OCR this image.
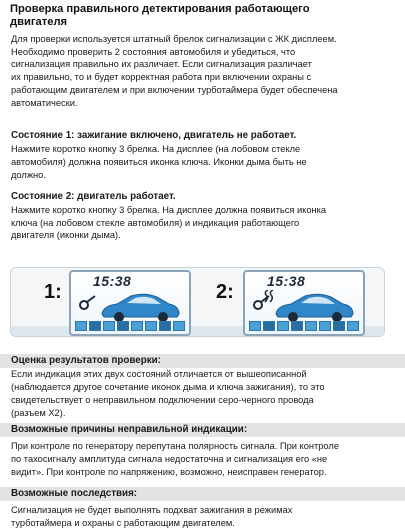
Проверка правильного детектирования работающего
двигателя
Для проверки используется штатный брелок сигнализации с ЖК дисплеем.
Необходимо проверить 2 состояния автомобиля и убедиться, что
сигнализация правильно их различает. Если сигнализация различает
их правильно, то и будет корректная работа при включении охраны с
работающим двигателем и при включении турботаймера будет обеспечена
автоматически.
Состояние 1: зажигание включено, двигатель не работает.
Нажмите коротко кнопку 3 брелка. На дисплее (на лобовом стекле
автомобиля) должна появиться иконка ключа. Иконки дыма быть не
должно.
Состояние 2: двигатель работает.
Нажмите коротко кнопку 3 брелка. На дисплее должна появиться иконка
ключа (на лобовом стекле автомобиля) и индикация работающего
двигателя (иконки дыма).
1: 15:38	2: 15:38
Оценка результатов проверки:
Если индикация этих двух состояний отличается от вышеописанной
(наблюдается другое сочетание иконок дыма и ключа зажигания), то это
свидетельствует о неправильном подключении серо-черного провода
(разъем X2).
Возможные причины неправильной индикации:
При контроле по генератору перепутана полярность сигнала. При контроле
по тахосигналу амплитуда сигнала недостаточна и сигнализация его «не
видит». При контроле по напряжению, возможно, неисправен генератор.
Возможные последствия:
Сигнализация не будет выполнять подхват зажигания в режимах
турботаймера и охраны с работающим двигателем.
